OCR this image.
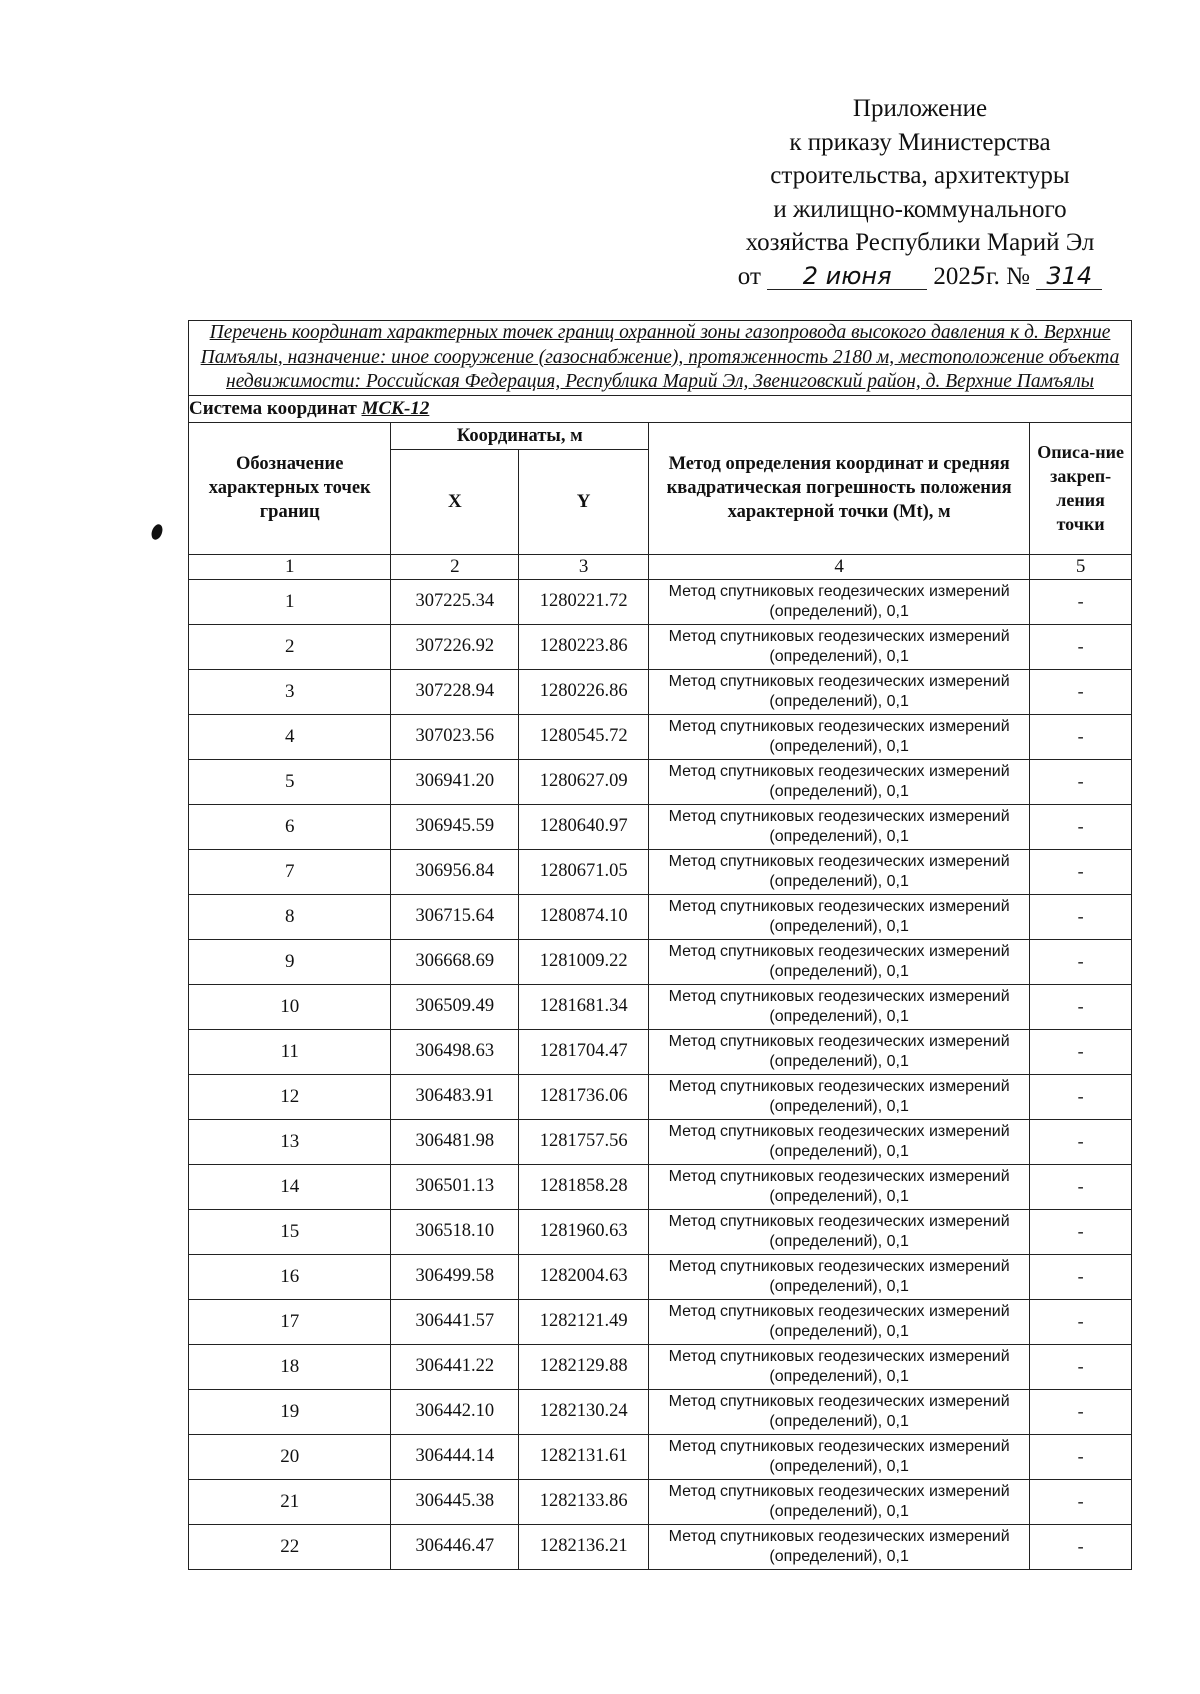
Приложение
к приказу Министерства
строительства, архитектуры
и жилищно-коммунального
хозяйства Республики Марий Эл
от 2 июня 2025г. № 314
Перечень координат характерных точек границ охранной зоны газопровода высокого давления к д. Верхние Памъялы, назначение: иное сооружение (газоснабжение), протяженность 2180 м, местоположение объекта недвижимости: Российская Федерация, Республика Марий Эл, Звениговский район, д. Верхние Памъялы				
Система координат МСК-12				
Обозначение характерных точек границ	Координаты, м		Метод определения координат и средняя квадратическая погрешность положения характерной точки (Mt), м	Описа-ние закреп-ления точки
	X	Y		
1	2	3	4	5
1	307225.34	1280221.72	Метод спутниковых геодезических измерений (определений), 0,1	-
2	307226.92	1280223.86	Метод спутниковых геодезических измерений (определений), 0,1	-
3	307228.94	1280226.86	Метод спутниковых геодезических измерений (определений), 0,1	-
4	307023.56	1280545.72	Метод спутниковых геодезических измерений (определений), 0,1	-
5	306941.20	1280627.09	Метод спутниковых геодезических измерений (определений), 0,1	-
6	306945.59	1280640.97	Метод спутниковых геодезических измерений (определений), 0,1	-
7	306956.84	1280671.05	Метод спутниковых геодезических измерений (определений), 0,1	-
8	306715.64	1280874.10	Метод спутниковых геодезических измерений (определений), 0,1	-
9	306668.69	1281009.22	Метод спутниковых геодезических измерений (определений), 0,1	-
10	306509.49	1281681.34	Метод спутниковых геодезических измерений (определений), 0,1	-
11	306498.63	1281704.47	Метод спутниковых геодезических измерений (определений), 0,1	-
12	306483.91	1281736.06	Метод спутниковых геодезических измерений (определений), 0,1	-
13	306481.98	1281757.56	Метод спутниковых геодезических измерений (определений), 0,1	-
14	306501.13	1281858.28	Метод спутниковых геодезических измерений (определений), 0,1	-
15	306518.10	1281960.63	Метод спутниковых геодезических измерений (определений), 0,1	-
16	306499.58	1282004.63	Метод спутниковых геодезических измерений (определений), 0,1	-
17	306441.57	1282121.49	Метод спутниковых геодезических измерений (определений), 0,1	-
18	306441.22	1282129.88	Метод спутниковых геодезических измерений (определений), 0,1	-
19	306442.10	1282130.24	Метод спутниковых геодезических измерений (определений), 0,1	-
20	306444.14	1282131.61	Метод спутниковых геодезических измерений (определений), 0,1	-
21	306445.38	1282133.86	Метод спутниковых геодезических измерений (определений), 0,1	-
22	306446.47	1282136.21	Метод спутниковых геодезических измерений (определений), 0,1	-
